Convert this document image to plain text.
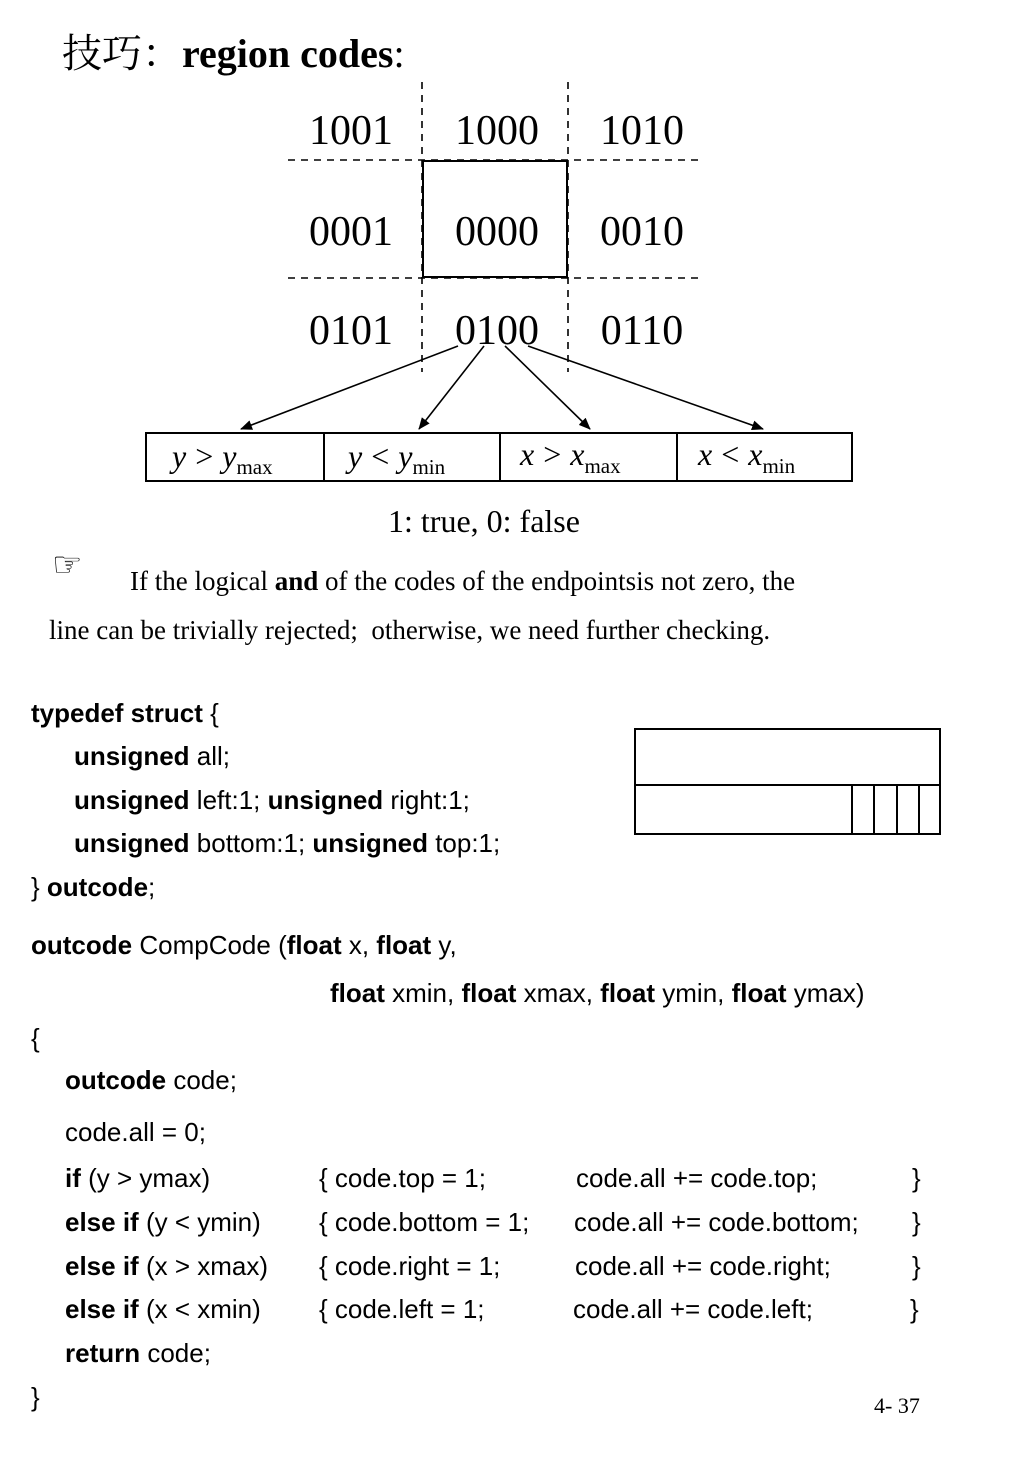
技巧：region codes:
1001 1000 1010
0001 0000 0010
0101 0100 0110
$y > y_{max}$ $y < y_{min}$ $x > x_{max}$ $x < x_{min}$
1: true, 0: false
☞ If the logical and of the codes of the endpointsis not zero, the
line can be trivially rejected;  otherwise, we need further checking.
typedef struct {
unsigned all;
unsigned left:1; unsigned right:1;
unsigned bottom:1; unsigned top:1;
} outcode;
outcode CompCode (float x, float y,
float xmin, float xmax, float ymin, float ymax)
{
outcode code;
code.all = 0;
if (y > ymax)	{ code.top = 1;	code.all += code.top;	}
else if (y < ymin) { code.bottom = 1; code.all += code.bottom; }
else if (x > xmax) { code.right = 1;	code.all += code.right;	}
else if (x < xmin) { code.left = 1;	code.all += code.left;	}
return code;
}	4- 37
